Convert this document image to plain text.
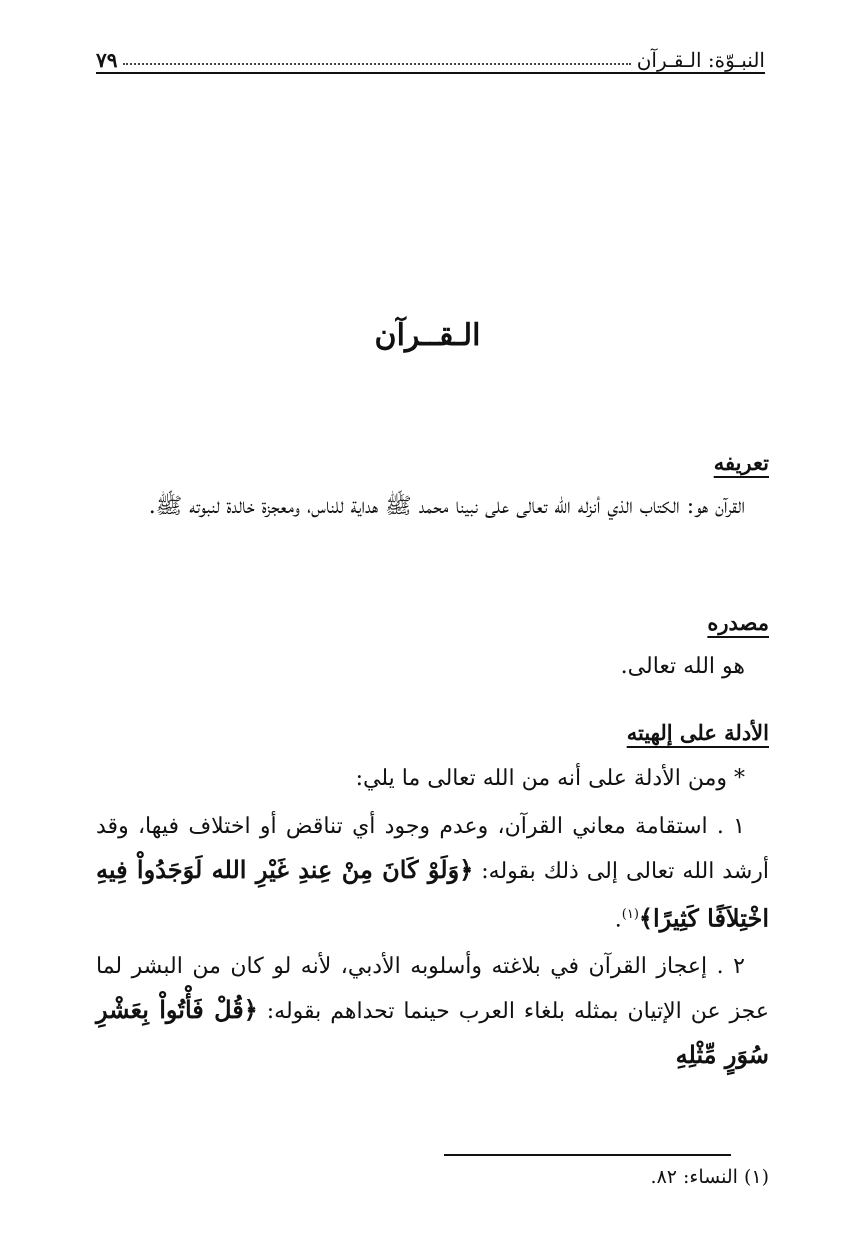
النبـوّة: الـقـرآن
٧٩
الـقــرآن
تعريفه

القرآن هو: الكتاب الذي أنزله الله تعالى على نبينا محمد ﷺ هداية للناس، ومعجزة خالدة لنبوته ﷺ.

مصدره

هو الله تعالى.

الأدلة على إلهيته

* ومن الأدلة على أنه من الله تعالى ما يلي:

١ . استقامة معاني القرآن، وعدم وجود أي تناقض أو اختلاف فيها، وقد أرشد الله تعالى إلى ذلك بقوله: ﴿وَلَوْ كَانَ مِنْ عِندِ غَيْرِ الله لَوَجَدُواْ فِيهِ اخْتِلاَفًا كَثِيرًا﴾$^{(١)}$.

٢ . إعجاز القرآن في بلاغته وأسلوبه الأدبي، لأنه لو كان من البشر لما عجز عن الإتيان بمثله بلغاء العرب حينما تحداهم بقوله: ﴿قُلْ فَأْتُواْ بِعَشْرِ سُوَرٍ مِّثْلِهِ

(١) النساء: ٨٢.
